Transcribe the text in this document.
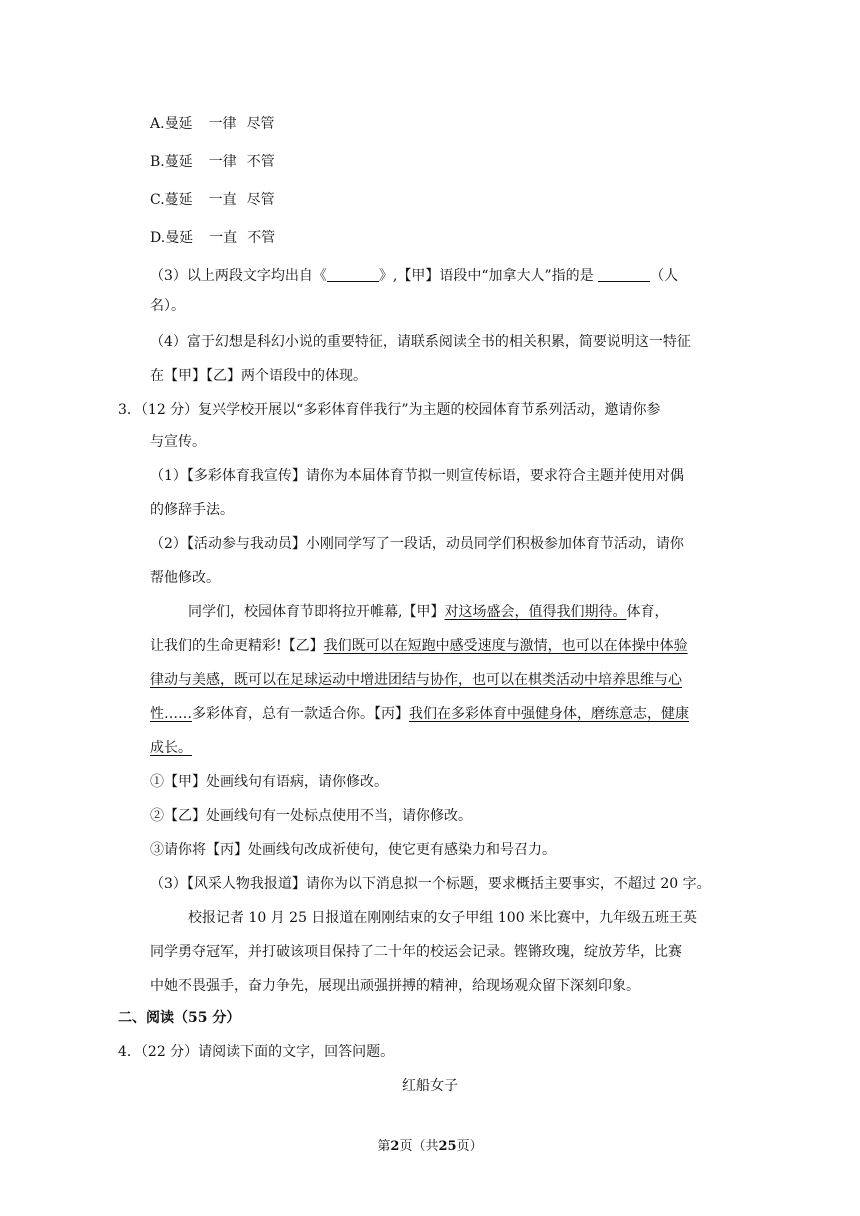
A.曼延 一律 尽管
B.蔓延 一律 不管
C.蔓延 一直 尽管
D.曼延 一直 不管
（3）以上两段文字均出自《	》,【甲】语段中“加拿大人”指的是	（人
名）。
（4）富于幻想是科幻小说的重要特征，请联系阅读全书的相关积累，简要说明这一特征
在【甲】【乙】两个语段中的体现。
3．（12 分）复兴学校开展以“多彩体育伴我行”为主题的校园体育节系列活动，邀请你参
与宣传。
（1）【多彩体育我宣传】请你为本届体育节拟一则宣传标语，要求符合主题并使用对偶
的修辞手法。
（2）【活动参与我动员】小刚同学写了一段话，动员同学们积极参加体育节活动，请你
帮他修改。
同学们，校园体育节即将拉开帷幕,【甲】对这场盛会，值得我们期待。体育，
让我们的生命更精彩!【乙】我们既可以在短跑中感受速度与激情，也可以在体操中体验
律动与美感，既可以在足球运动中增进团结与协作，也可以在棋类活动中培养思维与心
性……多彩体育，总有一款适合你。【丙】我们在多彩体育中强健身体，磨练意志，健康
成长。
①【甲】处画线句有语病，请你修改。
②【乙】处画线句有一处标点使用不当，请你修改。
③请你将【丙】处画线句改成祈使句，使它更有感染力和号召力。
（3）【风采人物我报道】请你为以下消息拟一个标题，要求概括主要事实，不超过 20 字。
校报记者 10 月 25 日报道在刚刚结束的女子甲组 100 米比赛中，九年级五班王英
同学勇夺冠军，并打破该项目保持了二十年的校运会记录。铿锵玫瑰，绽放芳华，比赛
中她不畏强手，奋力争先，展现出顽强拼搏的精神，给现场观众留下深刻印象。
二、阅读（55 分）
4．（22 分）请阅读下面的文字，回答问题。
红船女子
第2页（共25页）
